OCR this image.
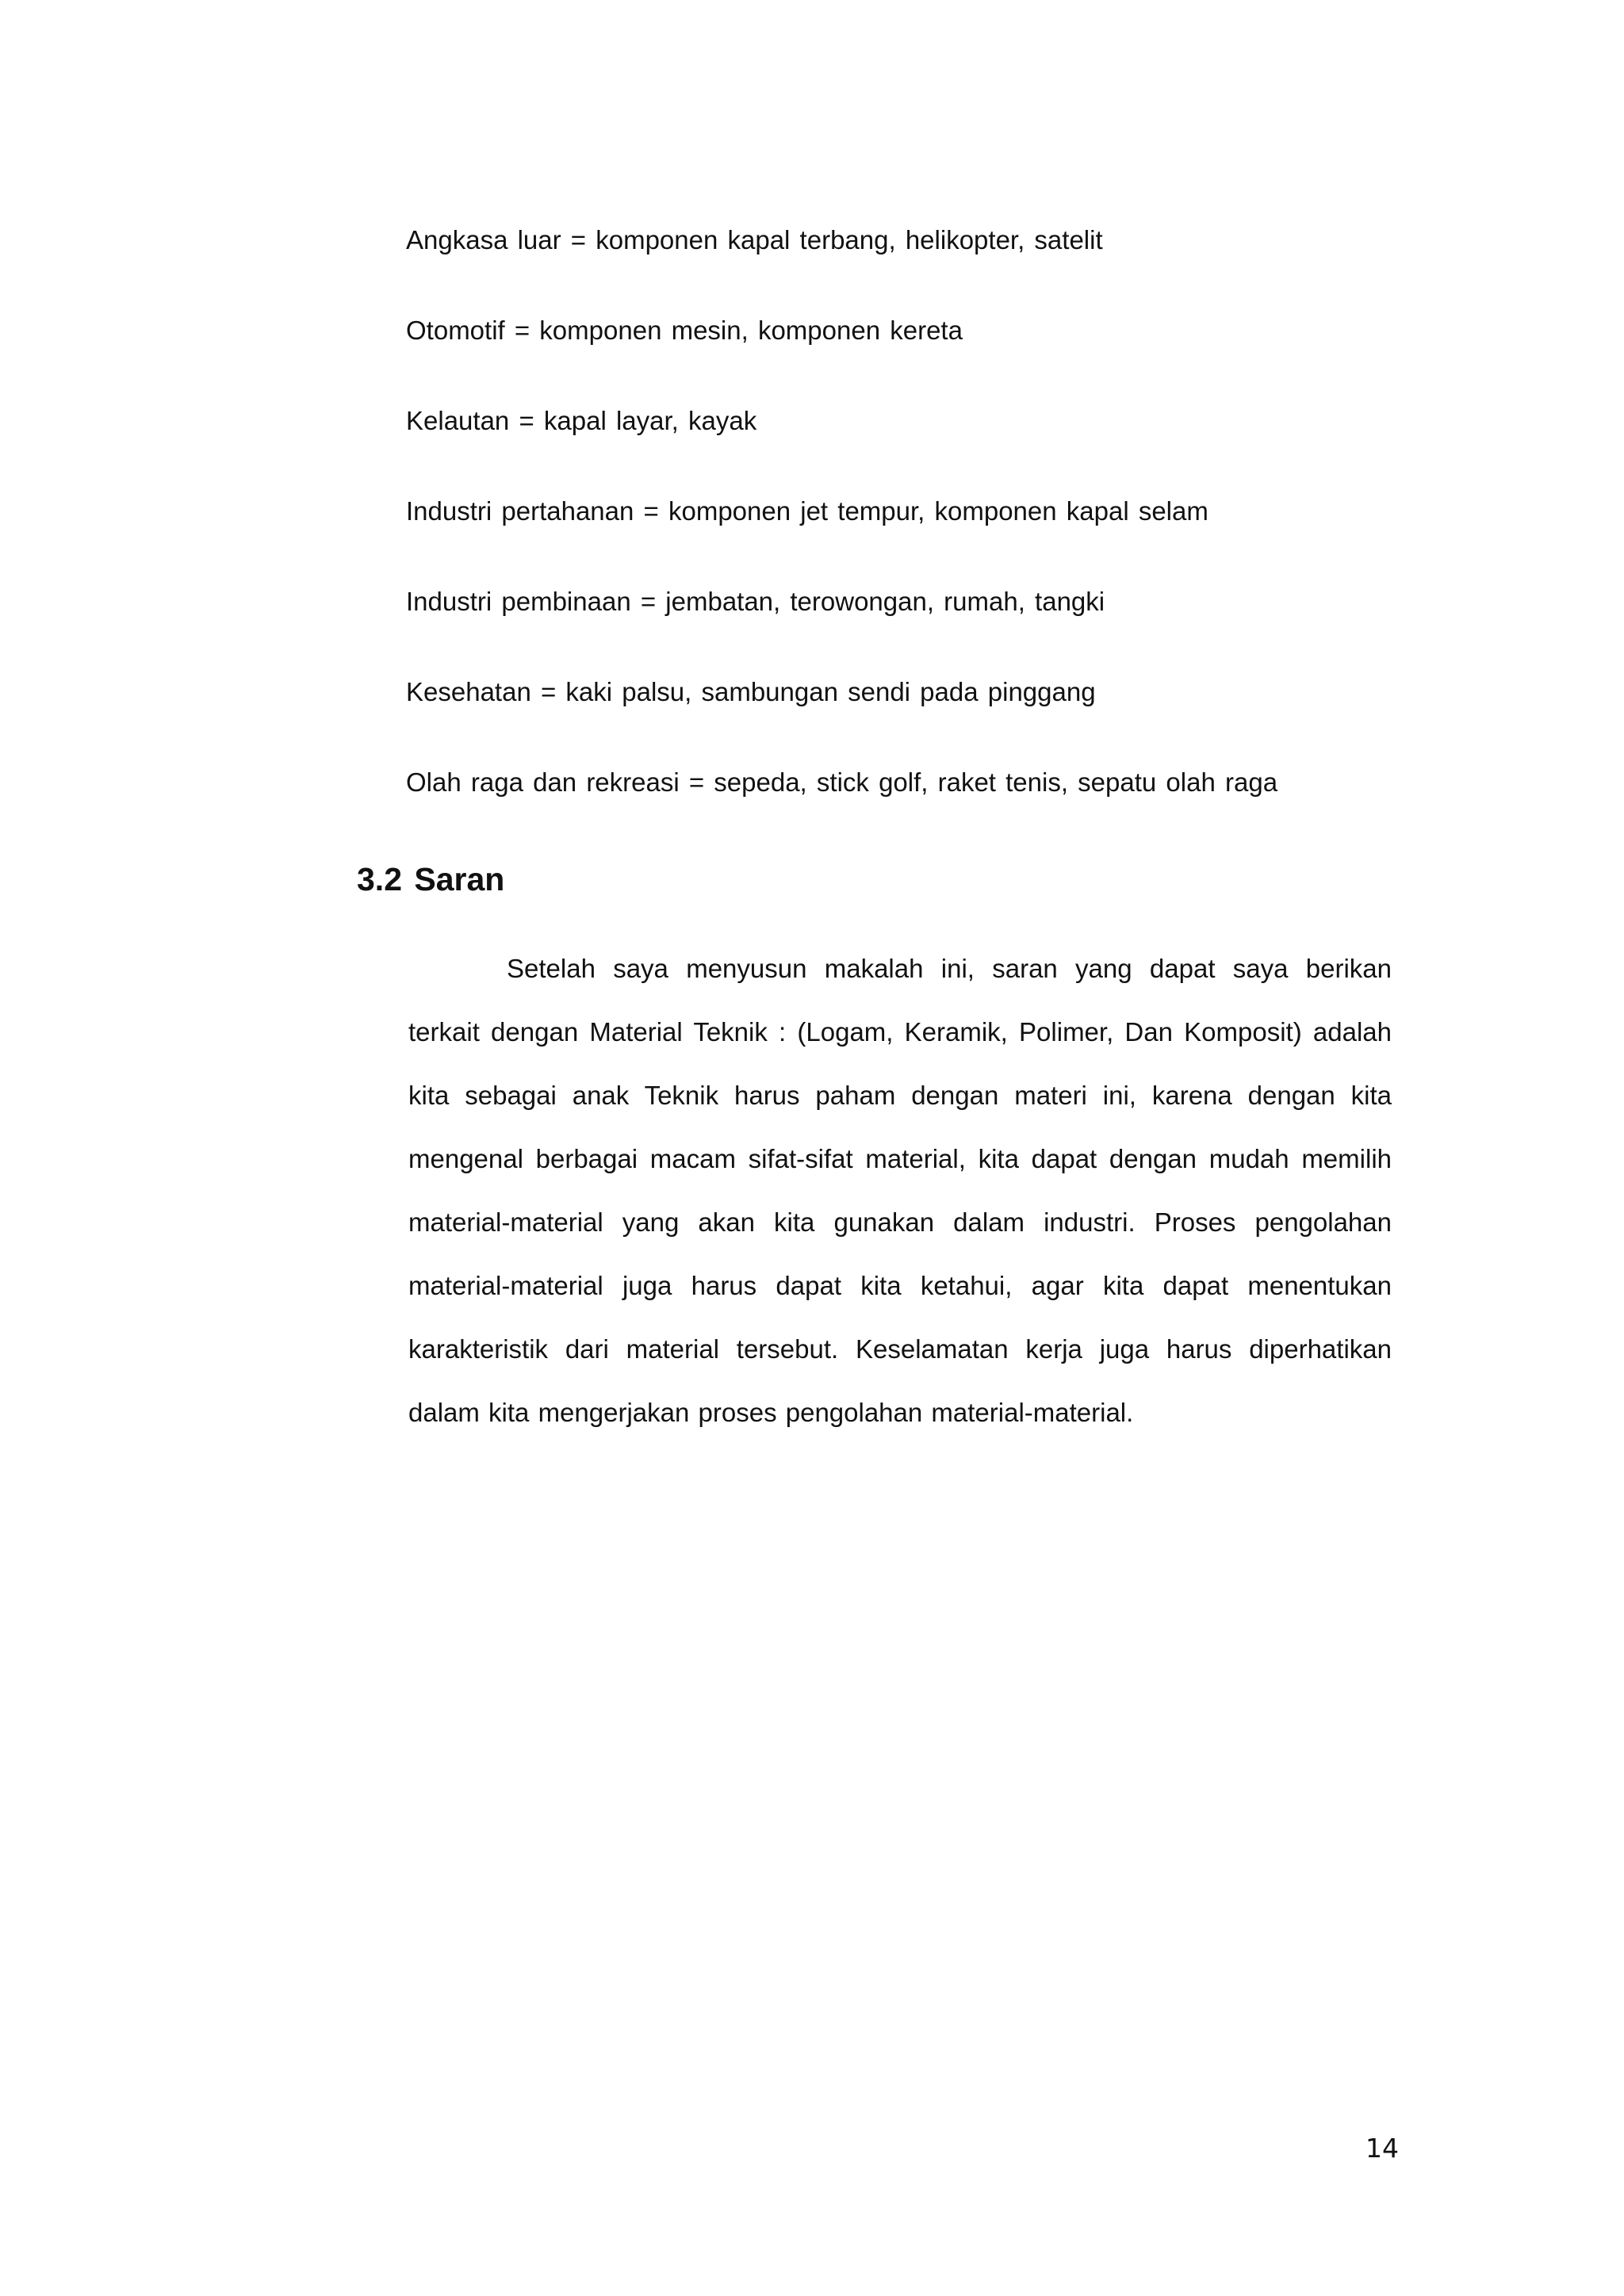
Angkasa luar = komponen kapal terbang, helikopter, satelit
Otomotif = komponen mesin, komponen kereta
Kelautan = kapal layar, kayak
Industri pertahanan = komponen jet tempur, komponen kapal selam
Industri pembinaan = jembatan, terowongan, rumah, tangki
Kesehatan = kaki palsu, sambungan sendi pada pinggang
Olah raga dan rekreasi = sepeda, stick golf, raket tenis, sepatu olah raga
3.2 Saran

Setelah saya menyusun makalah ini, saran yang dapat saya berikan terkait dengan Material Teknik : (Logam, Keramik, Polimer, Dan Komposit) adalah kita sebagai anak Teknik harus paham dengan materi ini, karena dengan kita mengenal berbagai macam sifat-sifat material, kita dapat dengan mudah memilih material-material yang akan kita gunakan dalam industri. Proses pengolahan material-material juga harus dapat kita ketahui, agar kita dapat menentukan karakteristik dari material tersebut. Keselamatan kerja juga harus diperhatikan dalam kita mengerjakan proses pengolahan material-material.

14
